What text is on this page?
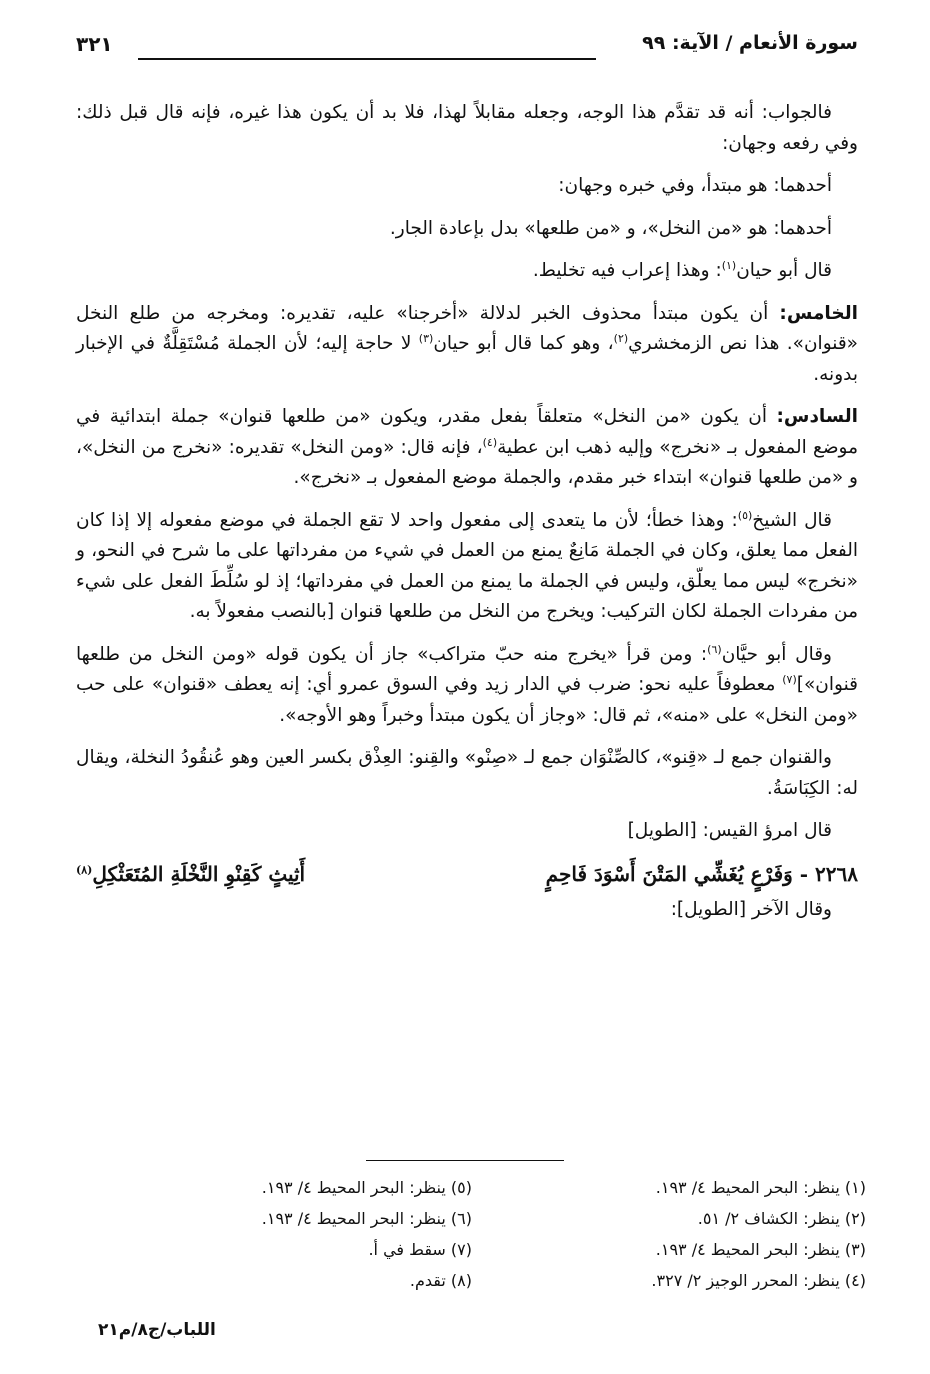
سورة الأنعام / الآية: ٩٩
٣٢١

فالجواب: أنه قد تقدَّم هذا الوجه، وجعله مقابلاً لهذا، فلا بد أن يكون هذا غيره، فإنه قال قبل ذلك: وفي رفعه وجهان:

أحدهما: هو مبتدأ، وفي خبره وجهان:

أحدهما: هو «من النخل»، و «من طلعها» بدل بإعادة الجار.

قال أبو حيان$^{(١)}$: وهذا إعراب فيه تخليط.

الخامس: أن يكون مبتدأ محذوف الخبر لدلالة «أخرجنا» عليه، تقديره: ومخرجه من طلع النخل «قنوان». هذا نص الزمخشري$^{(٢)}$، وهو كما قال أبو حيان$^{(٣)}$ لا حاجة إليه؛ لأن الجملة مُسْتَقِلَّةٌ في الإخبار بدونه.

السادس: أن يكون «من النخل» متعلقاً بفعل مقدر، ويكون «من طلعها قنوان» جملة ابتدائية في موضع المفعول بـ «نخرج» وإليه ذهب ابن عطية$^{(٤)}$، فإنه قال: «ومن النخل» تقديره: «نخرج من النخل»، و «من طلعها قنوان» ابتداء خبر مقدم، والجملة موضع المفعول بـ «نخرج».

قال الشيخ$^{(٥)}$: وهذا خطأ؛ لأن ما يتعدى إلى مفعول واحد لا تقع الجملة في موضع مفعوله إلا إذا كان الفعل مما يعلق، وكان في الجملة مَانِعٌ يمنع من العمل في شيء من مفرداتها على ما شرح في النحو، و «نخرج» ليس مما يعلّق، وليس في الجملة ما يمنع من العمل في مفرداتها؛ إذ لو سُلِّطَ الفعل على شيء من مفردات الجملة لكان التركيب: ويخرج من النخل من طلعها قنوان [بالنصب مفعولاً به.

وقال أبو حيَّان$^{(٦)}$: ومن قرأ «يخرج منه حبّ متراكب» جاز أن يكون قوله «ومن النخل من طلعها قنوان»]$^{(٧)}$ معطوفاً عليه نحو: ضرب في الدار زيد وفي السوق عمرو أي: إنه يعطف «قنوان» على حب «ومن النخل» على «منه»، ثم قال: «وجاز أن يكون مبتدأ وخبراً وهو الأوجه».

والقنوان جمع لـ «قِنو»، كالصِّنْوَان جمع لـ «صِنْو» والقِنو: العِذْق بكسر العين وهو عُنقُودُ النخلة، ويقال له: الكِبَاسَةُ.

قال امرؤ القيس: [الطويل]

٢٢٦٨ - وَفَرْعٍ يُغَشِّي المَتْنَ أَسْوَدَ فَاحِمٍ
أَثِيثٍ كَقِنْوِ النَّخْلَةِ المُتَعَثْكِلِ$^{(٨)}$

وقال الآخر [الطويل]:

(١) ينظر: البحر المحيط ٤/ ١٩٣.
(٢) ينظر: الكشاف ٢/ ٥١.
(٣) ينظر: البحر المحيط ٤/ ١٩٣.
(٤) ينظر: المحرر الوجيز ٢/ ٣٢٧.
(٥) ينظر: البحر المحيط ٤/ ١٩٣.
(٦) ينظر: البحر المحيط ٤/ ١٩٣.
(٧) سقط في أ.
(٨) تقدم.
اللباب/ج٨/م٢١
